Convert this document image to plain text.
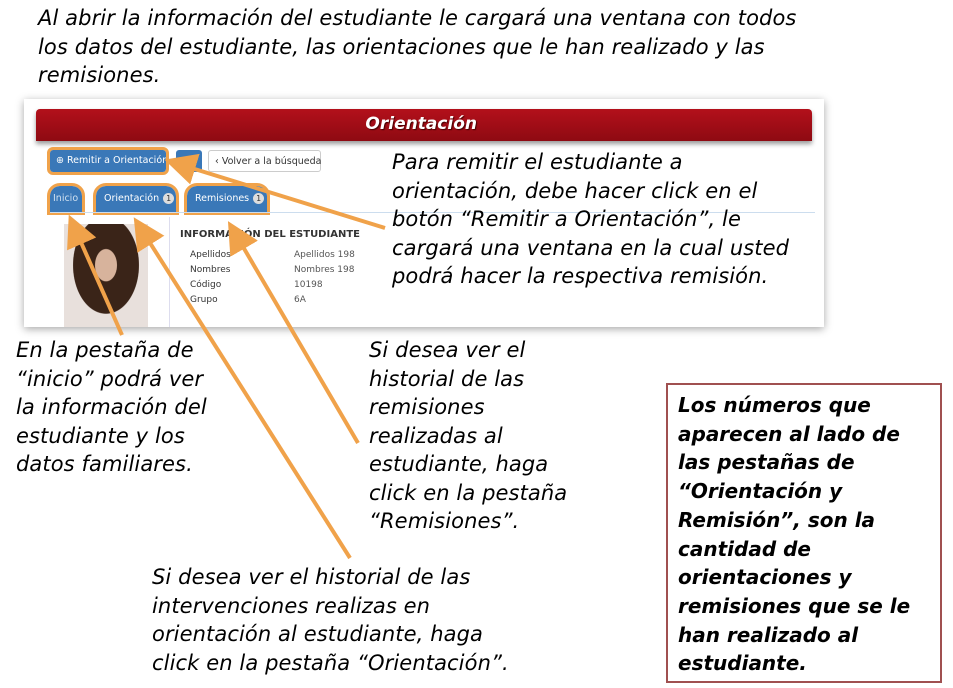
Al abrir la información del estudiante le cargará una ventana con todos
los datos del estudiante, las orientaciones que le han realizado y las
remisiones.
Orientación
⊕ Remitir a Orientación	?	‹ Volver a la búsqueda
Inicio	Orientación 1	Remisiones 1
INFORMACIÓN DEL ESTUDIANTE
Apellidos	Apellidos 198
Nombres	Nombres 198
Código	10198
Grupo	6A
Para remitir el estudiante a
orientación, debe hacer click en el
botón “Remitir a Orientación”, le
cargará una ventana en la cual usted
podrá hacer la respectiva remisión.
En la pestaña de
“inicio” podrá ver
la información del
estudiante y los
datos familiares.
Si desea ver el
historial de las
remisiones
realizadas al
estudiante, haga
click en la pestaña
“Remisiones”.
Si desea ver el historial de las
intervenciones realizas en
orientación al estudiante, haga
click en la pestaña “Orientación”.
Los números que
aparecen al lado de
las pestañas de
“Orientación y
Remisión”, son la
cantidad de
orientaciones y
remisiones que se le
han realizado al
estudiante.
